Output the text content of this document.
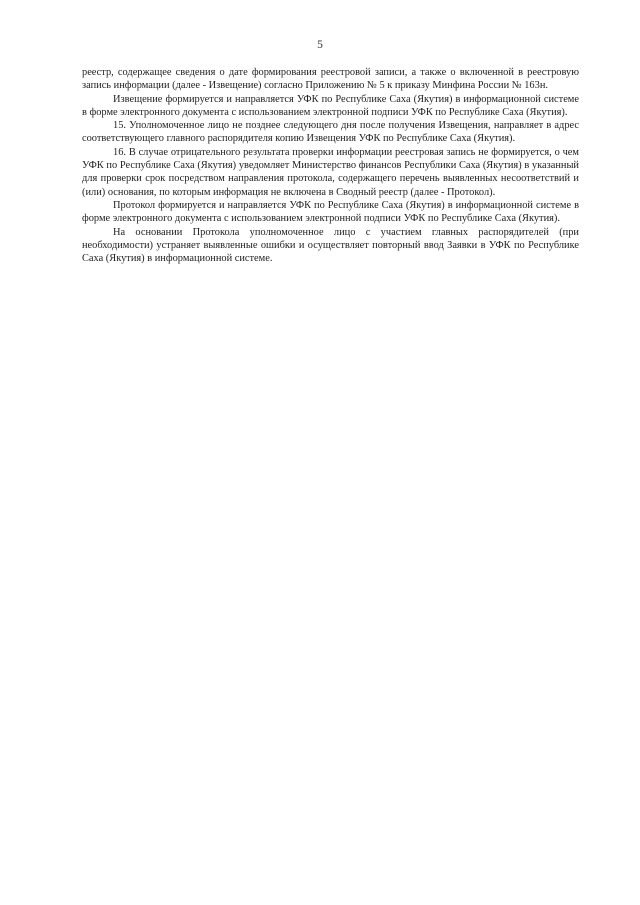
5

реестр, содержащее сведения о дате формирования реестровой записи, а также о включенной в реестровую запись информации (далее - Извещение) согласно Приложению № 5 к приказу Минфина России № 163н.

Извещение формируется и направляется УФК по Республике Саха (Якутия) в информационной системе в форме электронного документа с использованием электронной подписи УФК по Республике Саха (Якутия).

15. Уполномоченное лицо не позднее следующего дня после получения Извещения, направляет в адрес соответствующего главного распорядителя копию Извещения УФК по Республике Саха (Якутия).

16. В случае отрицательного результата проверки информации реестровая запись не формируется, о чем УФК по Республике Саха (Якутия) уведомляет Министерство финансов Республики Саха (Якутия) в указанный для проверки срок посредством направления протокола, содержащего перечень выявленных несоответствий и (или) основания, по которым информация не включена в Сводный реестр (далее - Протокол).

Протокол формируется и направляется УФК по Республике Саха (Якутия) в информационной системе в форме электронного документа с использованием электронной подписи УФК по Республике Саха (Якутия).

На основании Протокола уполномоченное лицо с участием главных распорядителей (при необходимости) устраняет выявленные ошибки и осуществляет повторный ввод Заявки в УФК по Республике Саха (Якутия) в информационной системе.
